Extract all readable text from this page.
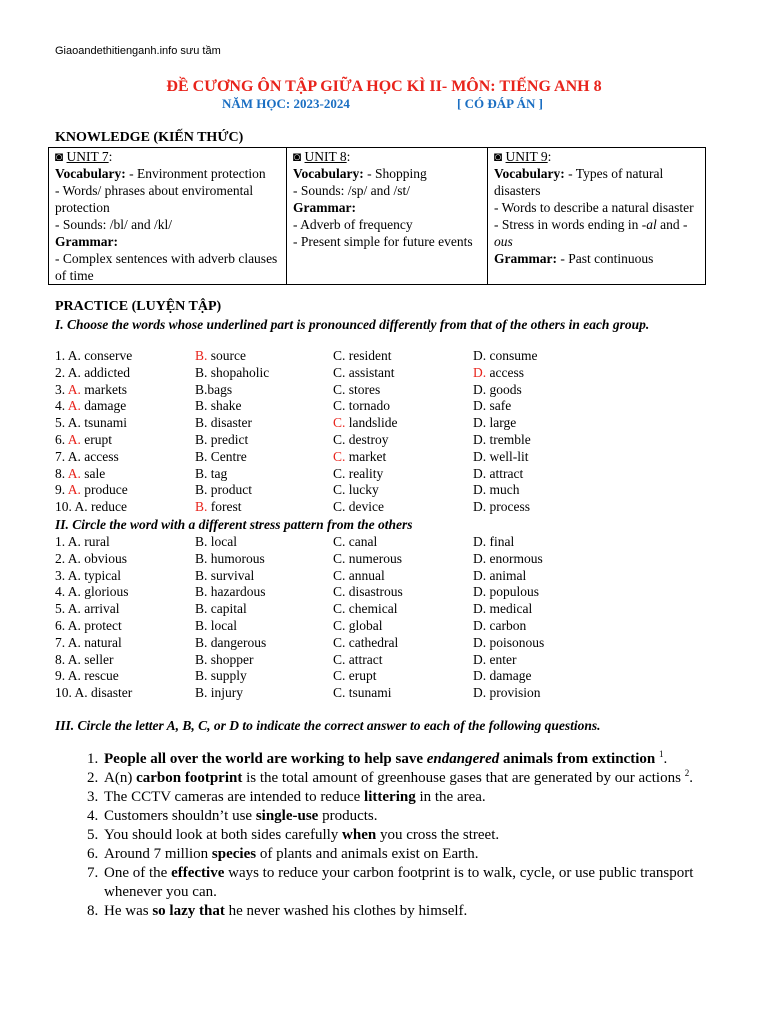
Giaoandethitienganh.info sưu tầm
ĐỀ CƯƠNG ÔN TẬP GIỮA HỌC KÌ II- MÔN: TIẾNG ANH 8
NĂM HỌC: 2023-2024	[ CÓ ĐÁP ÁN ]
KNOWLEDGE (KIẾN THỨC)
◙ UNIT 7:
Vocabulary: - Environment protection
- Words/ phrases about enviromental protection
- Sounds: /bl/ and /kl/
Grammar:
- Complex sentences with adverb clauses of time

◙ UNIT 8:
Vocabulary: - Shopping
- Sounds: /sp/ and /st/
Grammar:
- Adverb of frequency
- Present simple for future events

◙ UNIT 9:
Vocabulary: - Types of natural disasters
- Words to describe a natural disaster
- Stress in words ending in -al and -ous
Grammar: - Past continuous
PRACTICE (LUYỆN TẬP)
I. Choose the words whose underlined part is pronounced differently from that of the others in each group.
1. A. conserve	B. source	C. resident	D. consume
2. A. addicted	B. shopaholic	C. assistant	D. access
3. A. markets	B.bags	C. stores	D. goods
4. A. damage	B. shake	C. tornado	D. safe
5. A. tsunami	B. disaster	C. landslide	D. large
6. A. erupt	B. predict	C. destroy	D. tremble
7. A. access	B. Centre	C. market	D. well-lit
8. A. sale	B. tag	C. reality	D. attract
9. A. produce	B. product	C. lucky	D. much
10. A. reduce	B. forest	C. device	D. process
II. Circle the word with a different stress pattern from the others
1. A. rural	B. local	C. canal	D. final
2. A. obvious	B. humorous	C. numerous	D. enormous
3. A. typical	B. survival	C. annual	D. animal
4. A. glorious	B. hazardous	C. disastrous	D. populous
5. A. arrival	B. capital	C. chemical	D. medical
6. A. protect	B. local	C. global	D. carbon
7. A. natural	B. dangerous	C. cathedral	D. poisonous
8. A. seller	B. shopper	C. attract	D. enter
9. A. rescue	B. supply	C. erupt	D. damage
10. A. disaster	B. injury	C. tsunami	D. provision
III. Circle the letter A, B, C, or D to indicate the correct answer to each of the following questions.
1. People all over the world are working to help save endangered animals from extinction $^1$.
2. A(n) carbon footprint is the total amount of greenhouse gases that are generated by our actions $^2$.
3. The CCTV cameras are intended to reduce littering in the area.
4. Customers shouldn’t use single-use products.
5. You should look at both sides carefully when you cross the street.
6. Around 7 million species of plants and animals exist on Earth.
7. One of the effective ways to reduce your carbon footprint is to walk, cycle, or use public transport whenever you can.
8. He was so lazy that he never washed his clothes by himself.
